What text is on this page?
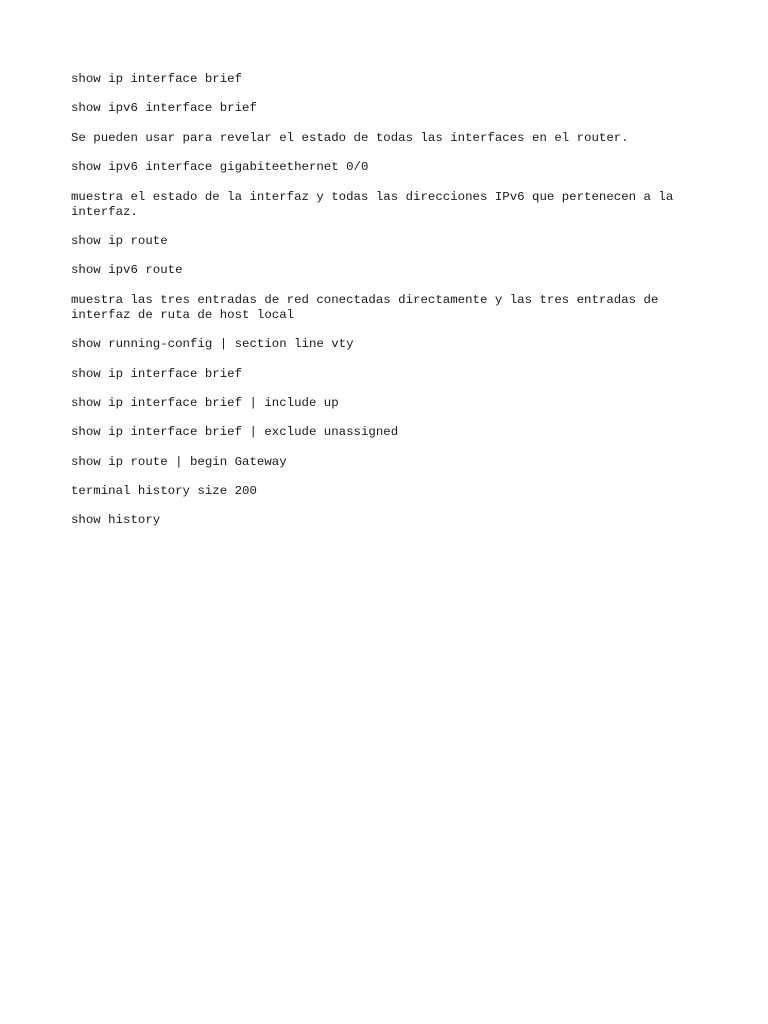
show ip interface brief

show ipv6 interface brief

Se pueden usar para revelar el estado de todas las interfaces en el router.

show ipv6 interface gigabiteethernet 0/0

muestra el estado de la interfaz y todas las direcciones IPv6 que pertenecen a la interfaz.

show ip route

show ipv6 route

muestra las tres entradas de red conectadas directamente y las tres entradas de interfaz de ruta de host local

show running-config | section line vty

show ip interface brief

show ip interface brief | include up

show ip interface brief | exclude unassigned

show ip route | begin Gateway

terminal history size 200

show history
